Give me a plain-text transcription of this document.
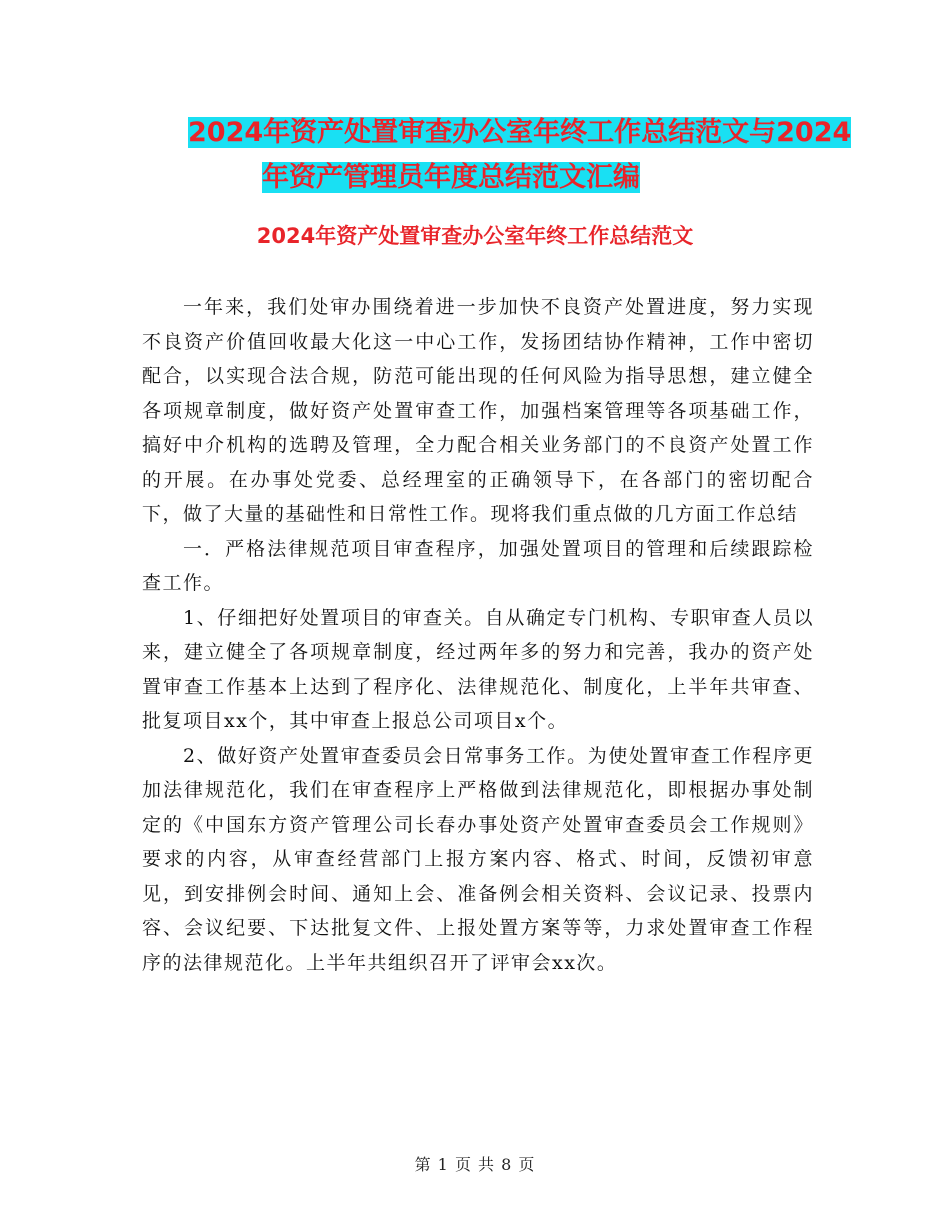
2024年资产处置审查办公室年终工作总结范文与2024
年资产管理员年度总结范文汇编
2024年资产处置审查办公室年终工作总结范文

一年来，我们处审办围绕着进一步加快不良资产处置进度，努力实现不良资产价值回收最大化这一中心工作，发扬团结协作精神，工作中密切配合，以实现合法合规，防范可能出现的任何风险为指导思想，建立健全各项规章制度，做好资产处置审查工作，加强档案管理等各项基础工作，搞好中介机构的选聘及管理，全力配合相关业务部门的不良资产处置工作的开展。在办事处党委、总经理室的正确领导下，在各部门的密切配合下，做了大量的基础性和日常性工作。现将我们重点做的几方面工作总结

一．严格法律规范项目审查程序，加强处置项目的管理和后续跟踪检查工作。

1、仔细把好处置项目的审查关。自从确定专门机构、专职审查人员以来，建立健全了各项规章制度，经过两年多的努力和完善，我办的资产处置审查工作基本上达到了程序化、法律规范化、制度化，上半年共审查、批复项目xx个，其中审查上报总公司项目x个。

2、做好资产处置审查委员会日常事务工作。为使处置审查工作程序更加法律规范化，我们在审查程序上严格做到法律规范化，即根据办事处制定的《中国东方资产管理公司长春办事处资产处置审查委员会工作规则》要求的内容，从审查经营部门上报方案内容、格式、时间，反馈初审意见，到安排例会时间、通知上会、准备例会相关资料、会议记录、投票内容、会议纪要、下达批复文件、上报处置方案等等，力求处置审查工作程序的法律规范化。上半年共组织召开了评审会xx次。

第 1 页 共 8 页
